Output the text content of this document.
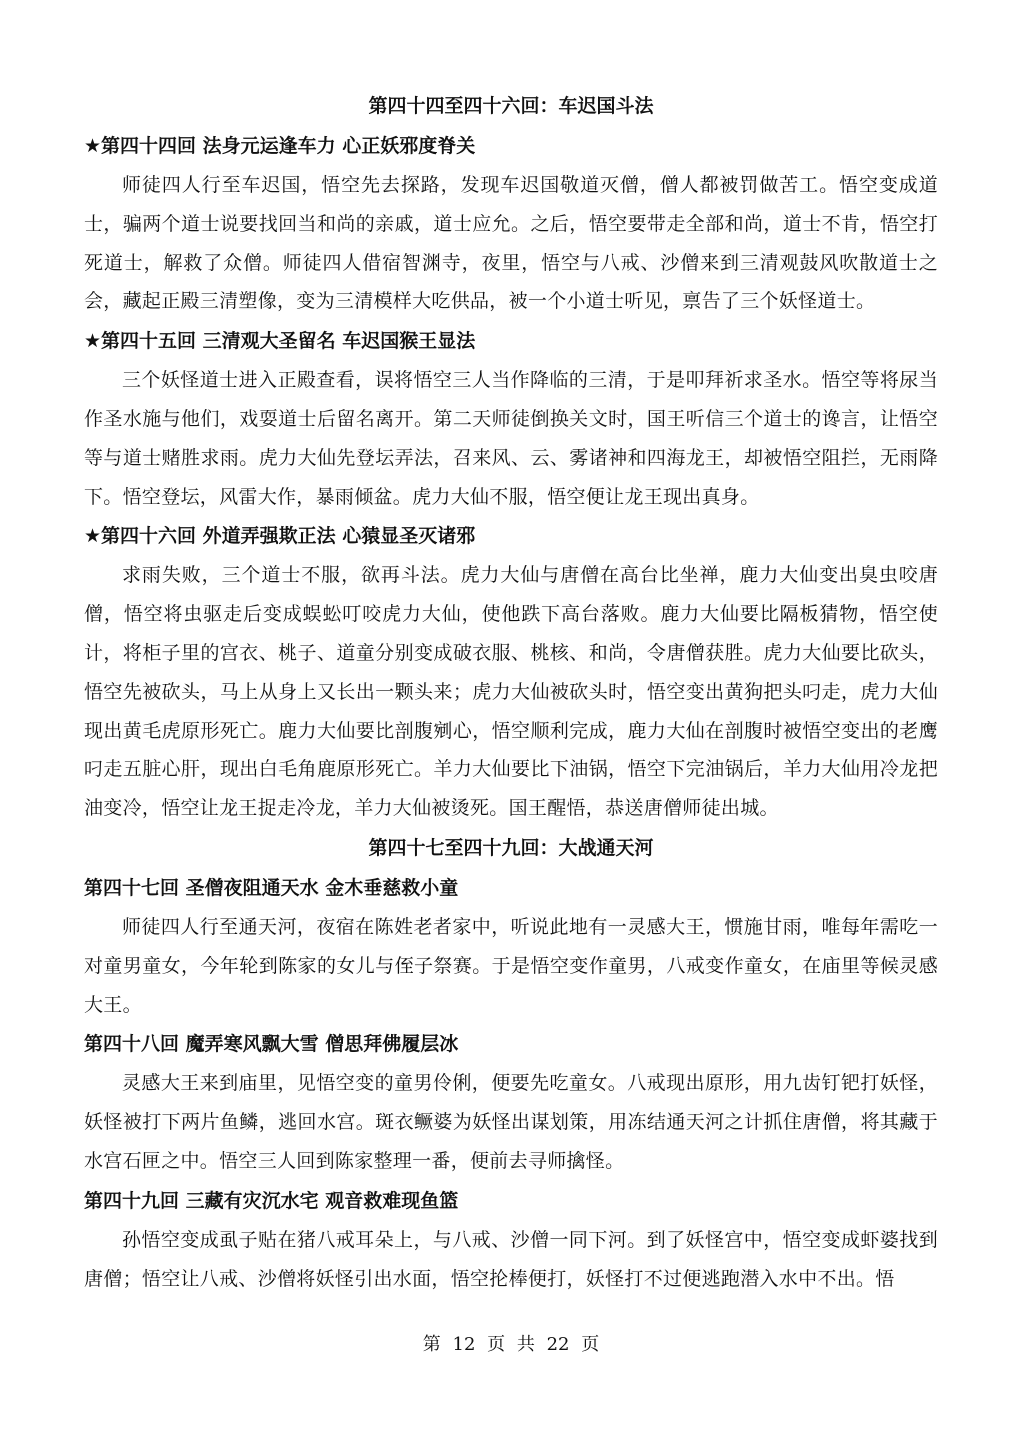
第四十四至四十六回：车迟国斗法
★第四十四回 法身元运逢车力 心正妖邪度脊关

师徒四人行至车迟国，悟空先去探路，发现车迟国敬道灭僧，僧人都被罚做苦工。悟空变成道士，骗两个道士说要找回当和尚的亲戚，道士应允。之后，悟空要带走全部和尚，道士不肯，悟空打死道士，解救了众僧。师徒四人借宿智渊寺，夜里，悟空与八戒、沙僧来到三清观鼓风吹散道士之会，藏起正殿三清塑像，变为三清模样大吃供品，被一个小道士听见，禀告了三个妖怪道士。

★第四十五回 三清观大圣留名 车迟国猴王显法

三个妖怪道士进入正殿查看，误将悟空三人当作降临的三清，于是叩拜祈求圣水。悟空等将尿当作圣水施与他们，戏耍道士后留名离开。第二天师徒倒换关文时，国王听信三个道士的谗言，让悟空等与道士赌胜求雨。虎力大仙先登坛弄法，召来风、云、雾诸神和四海龙王，却被悟空阻拦，无雨降下。悟空登坛，风雷大作，暴雨倾盆。虎力大仙不服，悟空便让龙王现出真身。

★第四十六回 外道弄强欺正法 心猿显圣灭诸邪

求雨失败，三个道士不服，欲再斗法。虎力大仙与唐僧在高台比坐禅，鹿力大仙变出臭虫咬唐僧，悟空将虫驱走后变成蜈蚣叮咬虎力大仙，使他跌下高台落败。鹿力大仙要比隔板猜物，悟空使计，将柜子里的宫衣、桃子、道童分别变成破衣服、桃核、和尚，令唐僧获胜。虎力大仙要比砍头，悟空先被砍头，马上从身上又长出一颗头来；虎力大仙被砍头时，悟空变出黄狗把头叼走，虎力大仙现出黄毛虎原形死亡。鹿力大仙要比剖腹剜心，悟空顺利完成，鹿力大仙在剖腹时被悟空变出的老鹰叼走五脏心肝，现出白毛角鹿原形死亡。羊力大仙要比下油锅，悟空下完油锅后，羊力大仙用冷龙把油变冷，悟空让龙王捉走冷龙，羊力大仙被烫死。国王醒悟，恭送唐僧师徒出城。

第四十七至四十九回：大战通天河
第四十七回 圣僧夜阻通天水 金木垂慈救小童

师徒四人行至通天河，夜宿在陈姓老者家中，听说此地有一灵感大王，惯施甘雨，唯每年需吃一对童男童女，今年轮到陈家的女儿与侄子祭赛。于是悟空变作童男，八戒变作童女，在庙里等候灵感大王。

第四十八回 魔弄寒风飘大雪 僧思拜佛履层冰

灵感大王来到庙里，见悟空变的童男伶俐，便要先吃童女。八戒现出原形，用九齿钉钯打妖怪，妖怪被打下两片鱼鳞，逃回水宫。斑衣鳜婆为妖怪出谋划策，用冻结通天河之计抓住唐僧，将其藏于水宫石匣之中。悟空三人回到陈家整理一番，便前去寻师擒怪。

第四十九回 三藏有灾沉水宅 观音救难现鱼篮

孙悟空变成虱子贴在猪八戒耳朵上，与八戒、沙僧一同下河。到了妖怪宫中，悟空变成虾婆找到唐僧；悟空让八戒、沙僧将妖怪引出水面，悟空抡棒便打，妖怪打不过便逃跑潜入水中不出。悟

第 12 页 共 22 页
